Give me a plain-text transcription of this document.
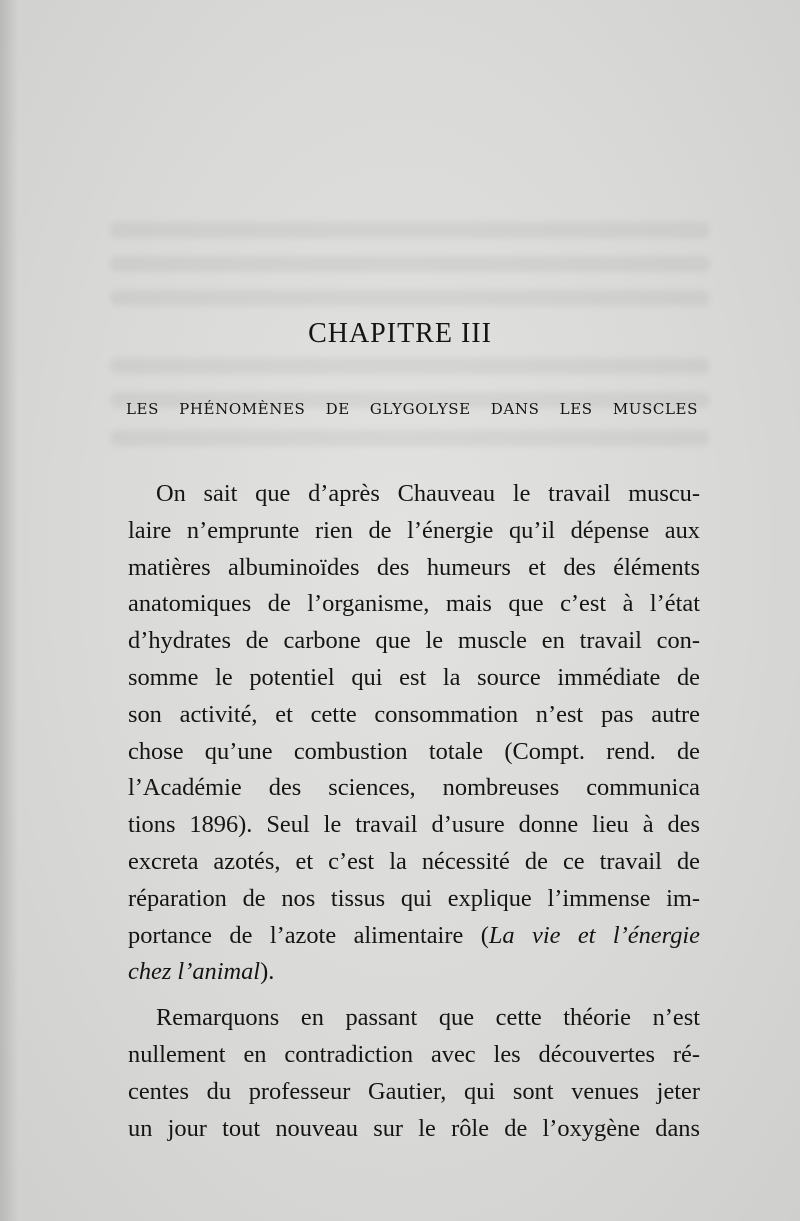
CHAPITRE III
LES PHÉNOMÈNES DE GLYGOLYSE DANS LES MUSCLES
On sait que d’après Chauveau le travail muscu-
laire n’emprunte rien de l’énergie qu’il dépense aux
matières albuminoïdes des humeurs et des éléments
anatomiques de l’organisme, mais que c’est à l’état
d’hydrates de carbone que le muscle en travail con-
somme le potentiel qui est la source immédiate de
son activité, et cette consommation n’est pas autre
chose qu’une combustion totale (Compt. rend. de
l’Académie des sciences, nombreuses communica
tions 1896). Seul le travail d’usure donne lieu à des
excreta azotés, et c’est la nécessité de ce travail de
réparation de nos tissus qui explique l’immense im-
portance de l’azote alimentaire (La vie et l’énergie
chez l’animal).
Remarquons en passant que cette théorie n’est
nullement en contradiction avec les découvertes ré-
centes du professeur Gautier, qui sont venues jeter
un jour tout nouveau sur le rôle de l’oxygène dans
